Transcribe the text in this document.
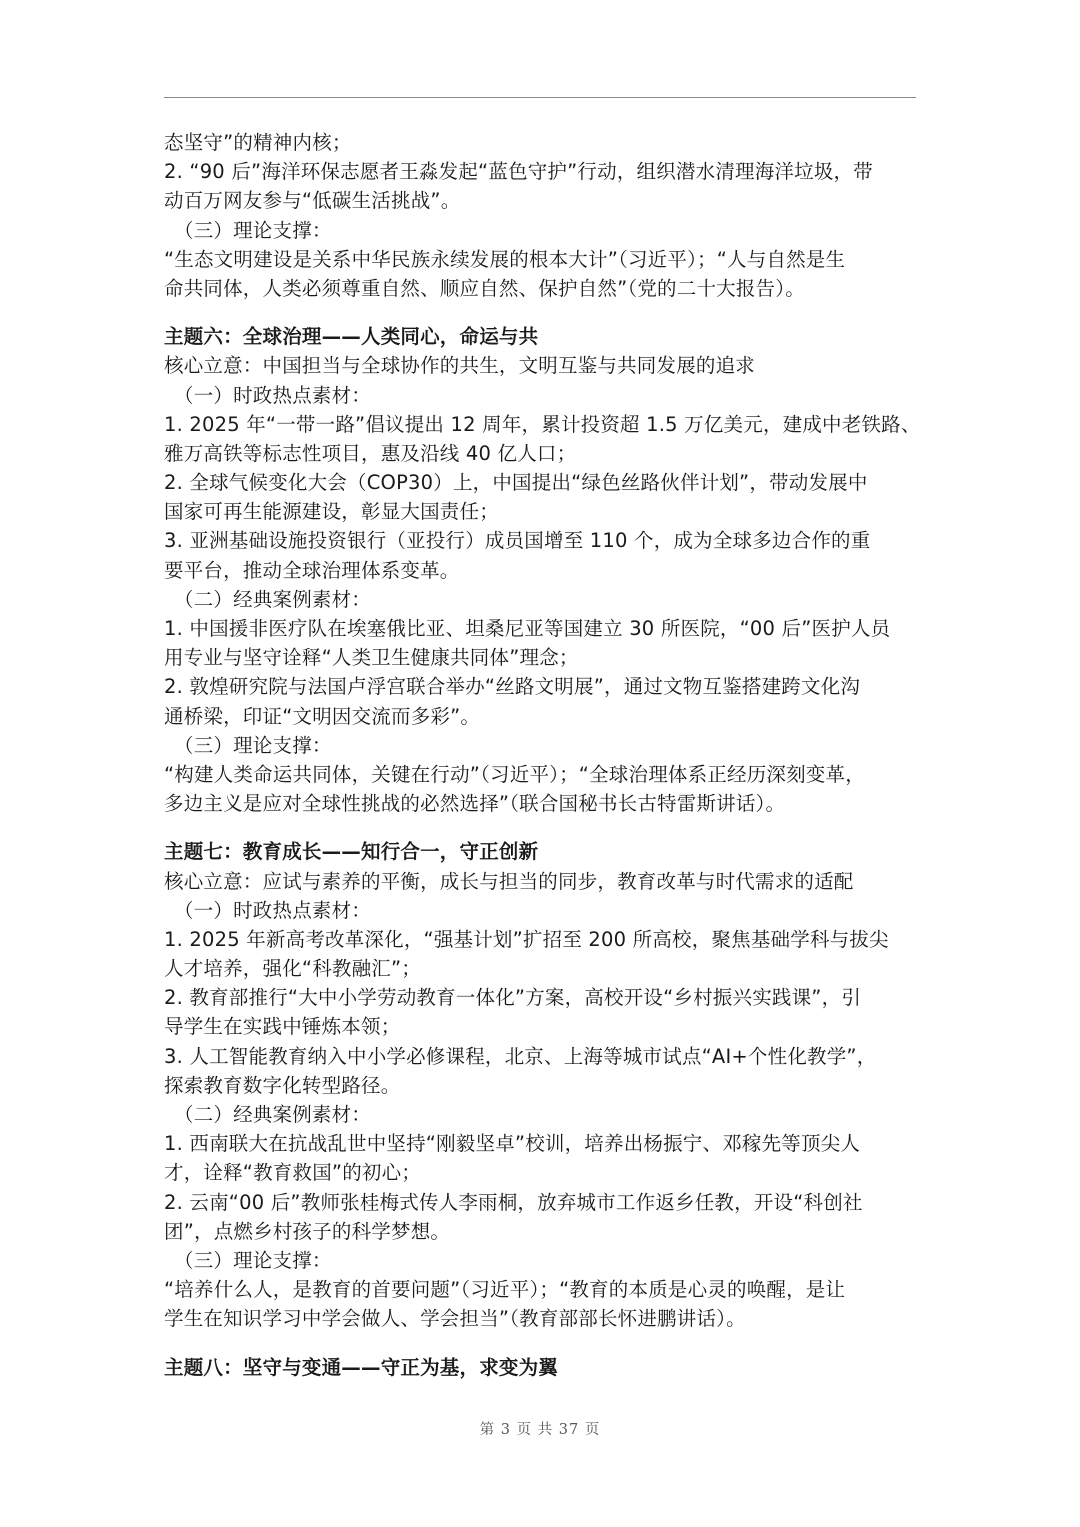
态坚守”的精神内核；
2. “90 后”海洋环保志愿者王淼发起“蓝色守护”行动，组织潜水清理海洋垃圾，带
动百万网友参与“低碳生活挑战”。
（三）理论支撑：
“生态文明建设是关系中华民族永续发展的根本大计”（习近平）；“人与自然是生
命共同体，人类必须尊重自然、顺应自然、保护自然”（党的二十大报告）。
主题六：全球治理——人类同心，命运与共
核心立意：中国担当与全球协作的共生，文明互鉴与共同发展的追求
（一）时政热点素材：
1. 2025 年“一带一路”倡议提出 12 周年，累计投资超 1.5 万亿美元，建成中老铁路、
雅万高铁等标志性项目，惠及沿线 40 亿人口；
2. 全球气候变化大会（COP30）上，中国提出“绿色丝路伙伴计划”，带动发展中
国家可再生能源建设，彰显大国责任；
3. 亚洲基础设施投资银行（亚投行）成员国增至 110 个，成为全球多边合作的重
要平台，推动全球治理体系变革。
（二）经典案例素材：
1. 中国援非医疗队在埃塞俄比亚、坦桑尼亚等国建立 30 所医院，“00 后”医护人员
用专业与坚守诠释“人类卫生健康共同体”理念；
2. 敦煌研究院与法国卢浮宫联合举办“丝路文明展”，通过文物互鉴搭建跨文化沟
通桥梁，印证“文明因交流而多彩”。
（三）理论支撑：
“构建人类命运共同体，关键在行动”（习近平）；“全球治理体系正经历深刻变革，
多边主义是应对全球性挑战的必然选择”（联合国秘书长古特雷斯讲话）。
主题七：教育成长——知行合一，守正创新
核心立意：应试与素养的平衡，成长与担当的同步，教育改革与时代需求的适配
（一）时政热点素材：
1. 2025 年新高考改革深化，“强基计划”扩招至 200 所高校，聚焦基础学科与拔尖
人才培养，强化“科教融汇”；
2. 教育部推行“大中小学劳动教育一体化”方案，高校开设“乡村振兴实践课”，引
导学生在实践中锤炼本领；
3. 人工智能教育纳入中小学必修课程，北京、上海等城市试点“AI+个性化教学”，
探索教育数字化转型路径。
（二）经典案例素材：
1. 西南联大在抗战乱世中坚持“刚毅坚卓”校训，培养出杨振宁、邓稼先等顶尖人
才，诠释“教育救国”的初心；
2. 云南“00 后”教师张桂梅式传人李雨桐，放弃城市工作返乡任教，开设“科创社
团”，点燃乡村孩子的科学梦想。
（三）理论支撑：
“培养什么人，是教育的首要问题”（习近平）；“教育的本质是心灵的唤醒，是让
学生在知识学习中学会做人、学会担当”（教育部部长怀进鹏讲话）。
主题八：坚守与变通——守正为基，求变为翼
第 3 页 共 37 页
